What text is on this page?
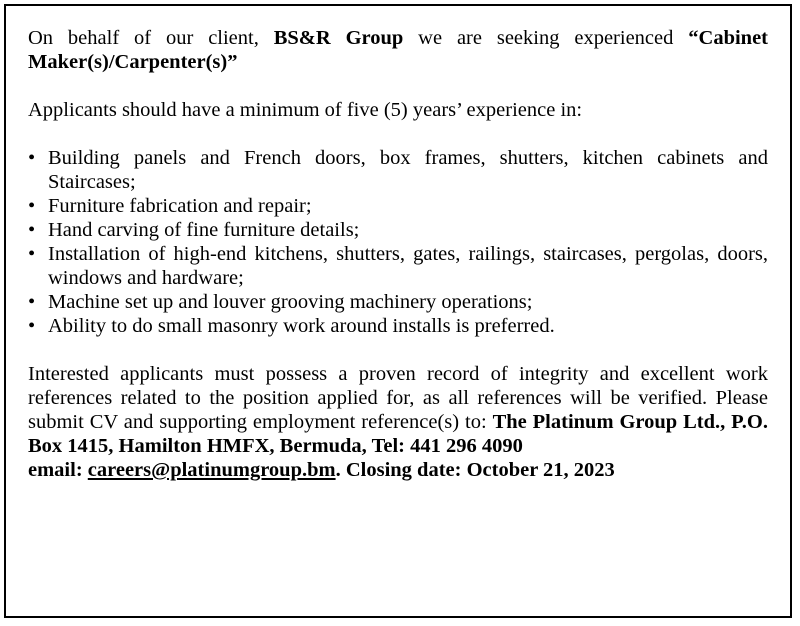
On behalf of our client, BS&R Group we are seeking experienced “Cabinet Maker(s)/Carpenter(s)”

Applicants should have a minimum of five (5) years’ experience in:

• Building panels and French doors, box frames, shutters, kitchen cabinets and Staircases;
• Furniture fabrication and repair;
• Hand carving of fine furniture details;
• Installation of high-end kitchens, shutters, gates, railings, staircases, pergolas, doors, windows and hardware;
• Machine set up and louver grooving machinery operations;
• Ability to do small masonry work around installs is preferred.

Interested applicants must possess a proven record of integrity and excellent work references related to the position applied for, as all references will be verified. Please submit CV and supporting employment reference(s) to: The Platinum Group Ltd., P.O. Box 1415, Hamilton HMFX, Bermuda, Tel: 441 296 4090

email: careers@platinumgroup.bm. Closing date: October 21, 2023
